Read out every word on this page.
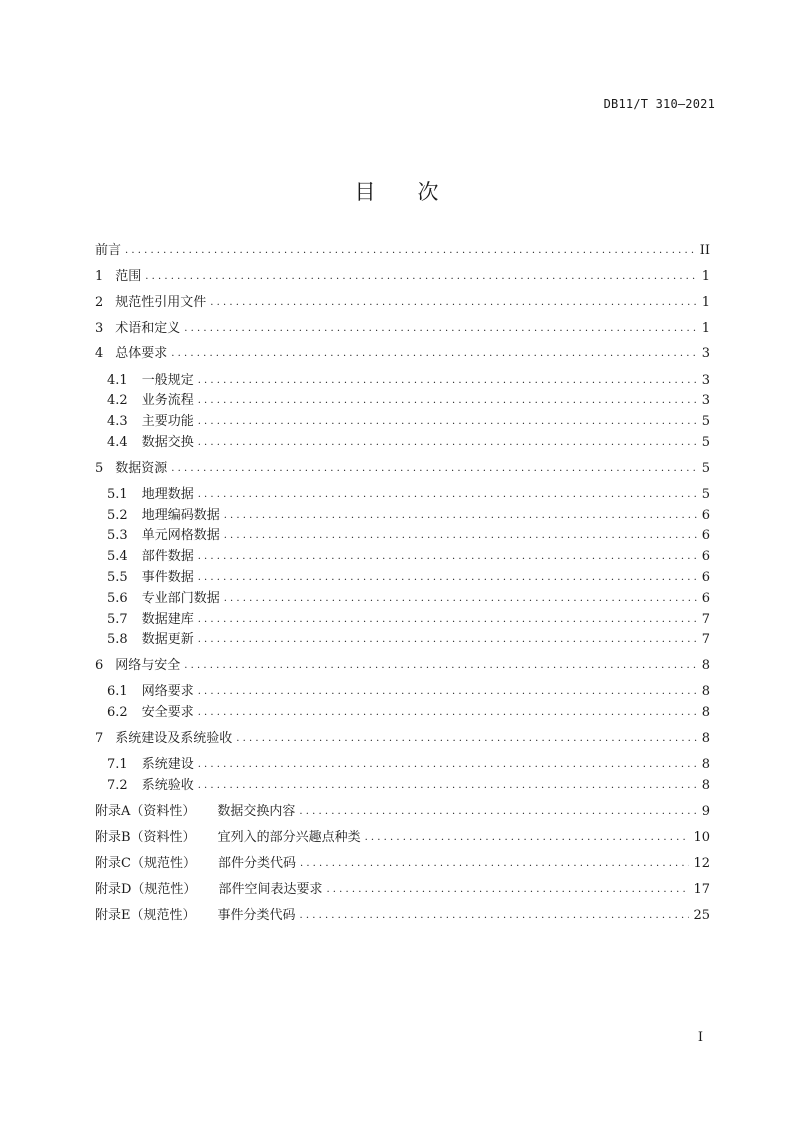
DB11/T 310—2021
目次
前言 . . .	II
1 范围 . . .	1
2 规范性引用文件 . . .	1
3 术语和定义 . . .	1
4 总体要求 . . .	3
4.1 一般规定 . . .	3
4.2 业务流程 . . .	3
4.3 主要功能 . . .	5
4.4 数据交换 . . .	5
5 数据资源 . . .	5
5.1 地理数据 . . .	5
5.2 地理编码数据 . . .	6
5.3 单元网格数据 . . .	6
5.4 部件数据 . . .	6
5.5 事件数据 . . .	6
5.6 专业部门数据 . . .	6
5.7 数据建库 . . .	7
5.8 数据更新 . . .	7
6 网络与安全 . . .	8
6.1 网络要求 . . .	8
6.2 安全要求 . . .	8
7 系统建设及系统验收 . . .	8
7.1 系统建设 . . .	8
7.2 系统验收 . . .	8
附录A（资料性） 数据交换内容 . . .	9
附录B（资料性） 宜列入的部分兴趣点种类 . . .	10
附录C（规范性） 部件分类代码 . . .	12
附录D（规范性） 部件空间表达要求 . . .	17
附录E（规范性） 事件分类代码 . . .	25
I
